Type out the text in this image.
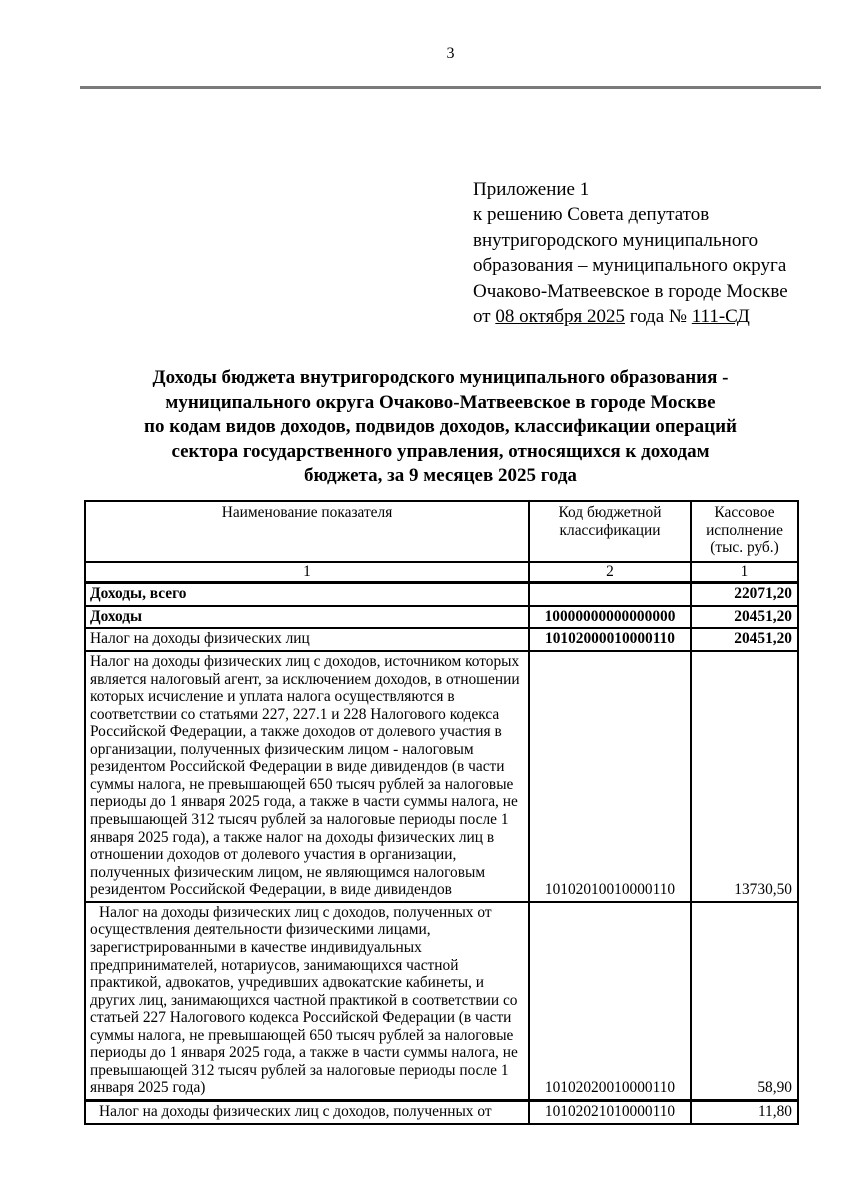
3
Приложение 1
к решению Совета депутатов
внутригородского муниципального
образования – муниципального округа
Очаково-Матвеевское в городе Москве
от 08 октября 2025 года № 111-СД
Доходы бюджета внутригородского муниципального образования -
муниципального округа Очаково-Матвеевское в городе Москве
по кодам видов доходов, подвидов доходов, классификации операций
сектора государственного управления, относящихся к доходам
бюджета, за 9 месяцев 2025 года
Наименование показателя	Код бюджетной классификации	Кассовое исполнение (тыс. руб.)
1	2	1
Доходы, всего		22071,20
Доходы	10000000000000000	20451,20
Налог на доходы физических лиц	10102000010000110	20451,20
Налог на доходы физических лиц с доходов, источником которых является налоговый агент, за исключением доходов, в отношении которых исчисление и уплата налога осуществляются в соответствии со статьями 227, 227.1 и 228 Налогового кодекса Российской Федерации, а также доходов от долевого участия в организации, полученных физическим лицом - налоговым резидентом Российской Федерации в виде дивидендов (в части суммы налога, не превышающей 650 тысяч рублей за налоговые периоды до 1 января 2025 года, а также в части суммы налога, не превышающей 312 тысяч рублей за налоговые периоды после 1 января 2025 года), а также налог на доходы физических лиц в отношении доходов от долевого участия в организации, полученных физическим лицом, не являющимся налоговым резидентом Российской Федерации, в виде дивидендов	10102010010000110	13730,50
Налог на доходы физических лиц с доходов, полученных от осуществления деятельности физическими лицами, зарегистрированными в качестве индивидуальных предпринимателей, нотариусов, занимающихся частной практикой, адвокатов, учредивших адвокатские кабинеты, и других лиц, занимающихся частной практикой в соответствии со статьей 227 Налогового кодекса Российской Федерации (в части суммы налога, не превышающей 650 тысяч рублей за налоговые периоды до 1 января 2025 года, а также в части суммы налога, не превышающей 312 тысяч рублей за налоговые периоды после 1 января 2025 года)	10102020010000110	58,90
Налог на доходы физических лиц с доходов, полученных от	10102021010000110	11,80
